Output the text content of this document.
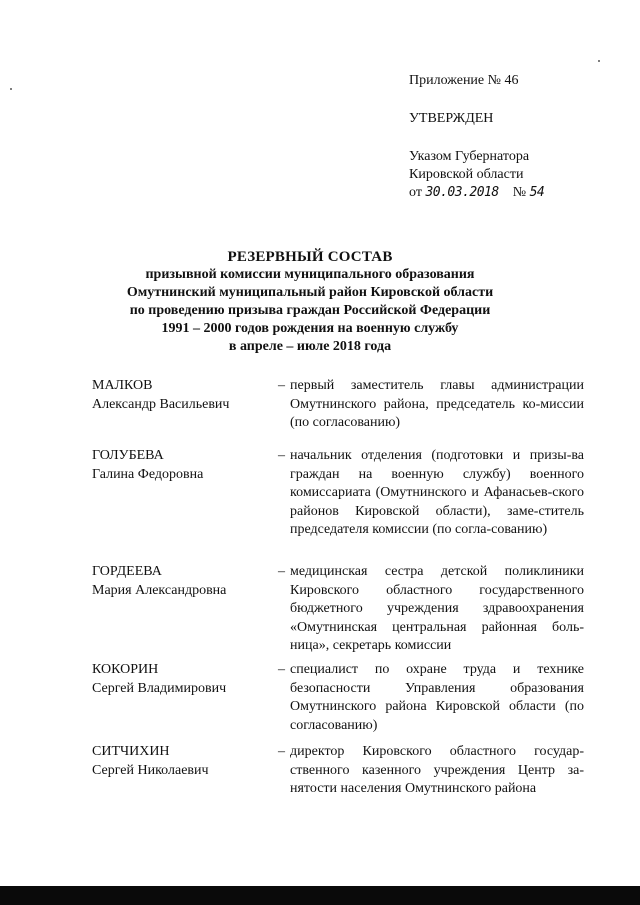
Приложение № 46
УТВЕРЖДЕН
Указом Губернатора
Кировской области
от 30.03.2018 № 54
РЕЗЕРВНЫЙ СОСТАВ
призывной комиссии муниципального образования
Омутнинский муниципальный район Кировской области
по проведению призыва граждан Российской Федерации
1991 – 2000 годов рождения на военную службу
в апреле – июле 2018 года
МАЛКОВ
Александр Васильевич
– первый заместитель главы администрации Омутнинского района, председатель ко-миссии (по согласованию)
ГОЛУБЕВА
Галина Федоровна
– начальник отделения (подготовки и призы-ва граждан на военную службу) военного комиссариата (Омутнинского и Афанасьев-ского районов Кировской области), заме-ститель председателя комиссии (по согла-сованию)
ГОРДЕЕВА
Мария Александровна
– медицинская сестра детской поликлиники Кировского областного государственного бюджетного учреждения здравоохранения «Омутнинская центральная районная боль-ница», секретарь комиссии
КОКОРИН
Сергей Владимирович
– специалист по охране труда и технике безопасности Управления образования Омутнинского района Кировской области (по согласованию)
СИТЧИХИН
Сергей Николаевич
– директор Кировского областного государ-ственного казенного учреждения Центр за-нятости населения Омутнинского района
